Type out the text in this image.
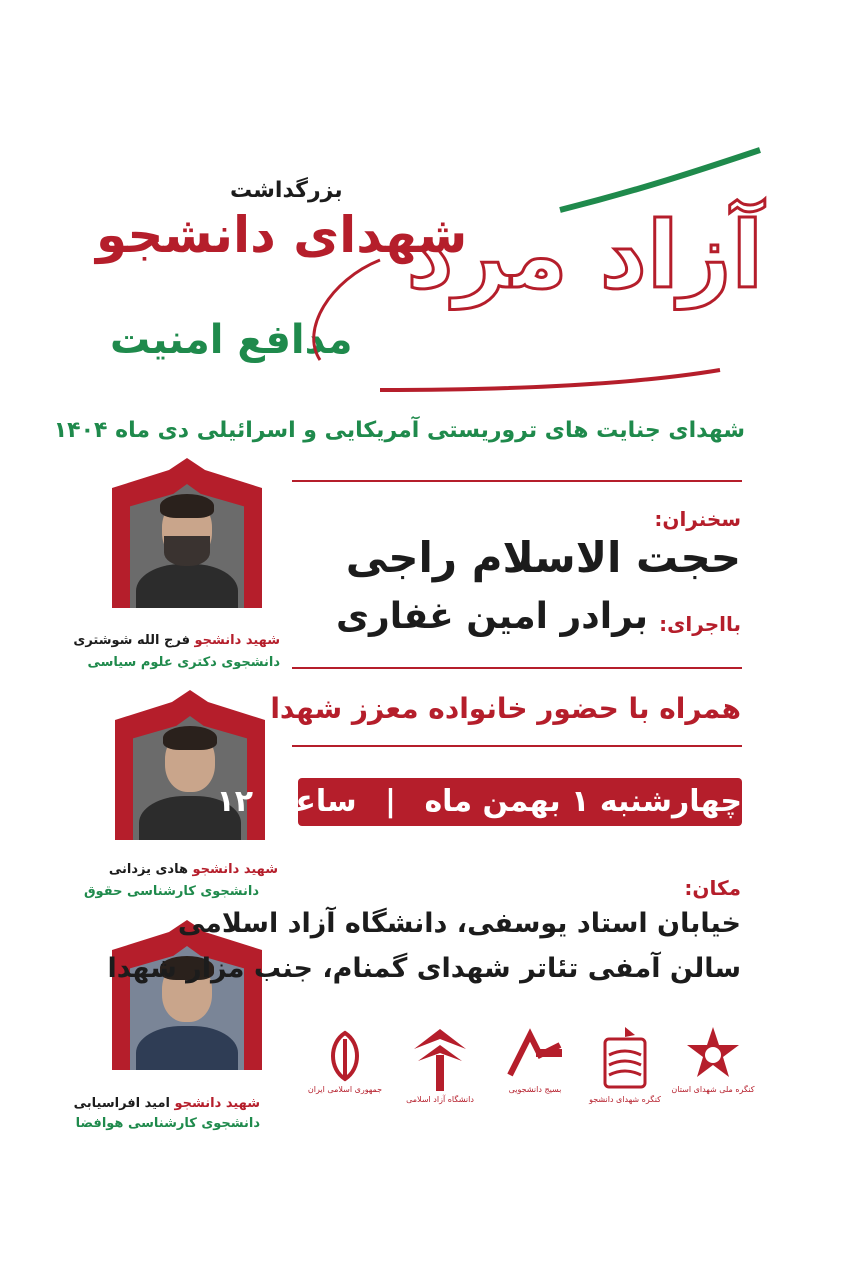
آزاد مرد
بزرگداشت
شهدای دانشجو
مدافع امنیت
شهدای جنایت های تروریستی آمریکایی و اسرائیلی دی ماه ۱۴۰۴
شهید دانشجو فرج الله شوشتری
دانشجوی دکتری علوم سیاسی
شهید دانشجو هادی یزدانی
دانشجوی کارشناسی حقوق
شهید دانشجو امید افراسیابی
دانشجوی کارشناسی هوافضا
سخنران:
حجت الاسلام راجی
بااجرای:
برادر امین غفاری
همراه با حضور خانواده معزز شهدا
چهارشنبه ۱ بهمن ماه | ساعت ۱۲
مکان:
خیابان استاد یوسفی، دانشگاه آزاد اسلامی
سالن آمفی تئاتر شهدای گمنام، جنب مزار شهدا
جمهوری اسلامی ایران
دانشگاه آزاد اسلامی
بسیج دانشجویی
کنگره شهدای دانشجو
کنگره ملی شهدای استان
